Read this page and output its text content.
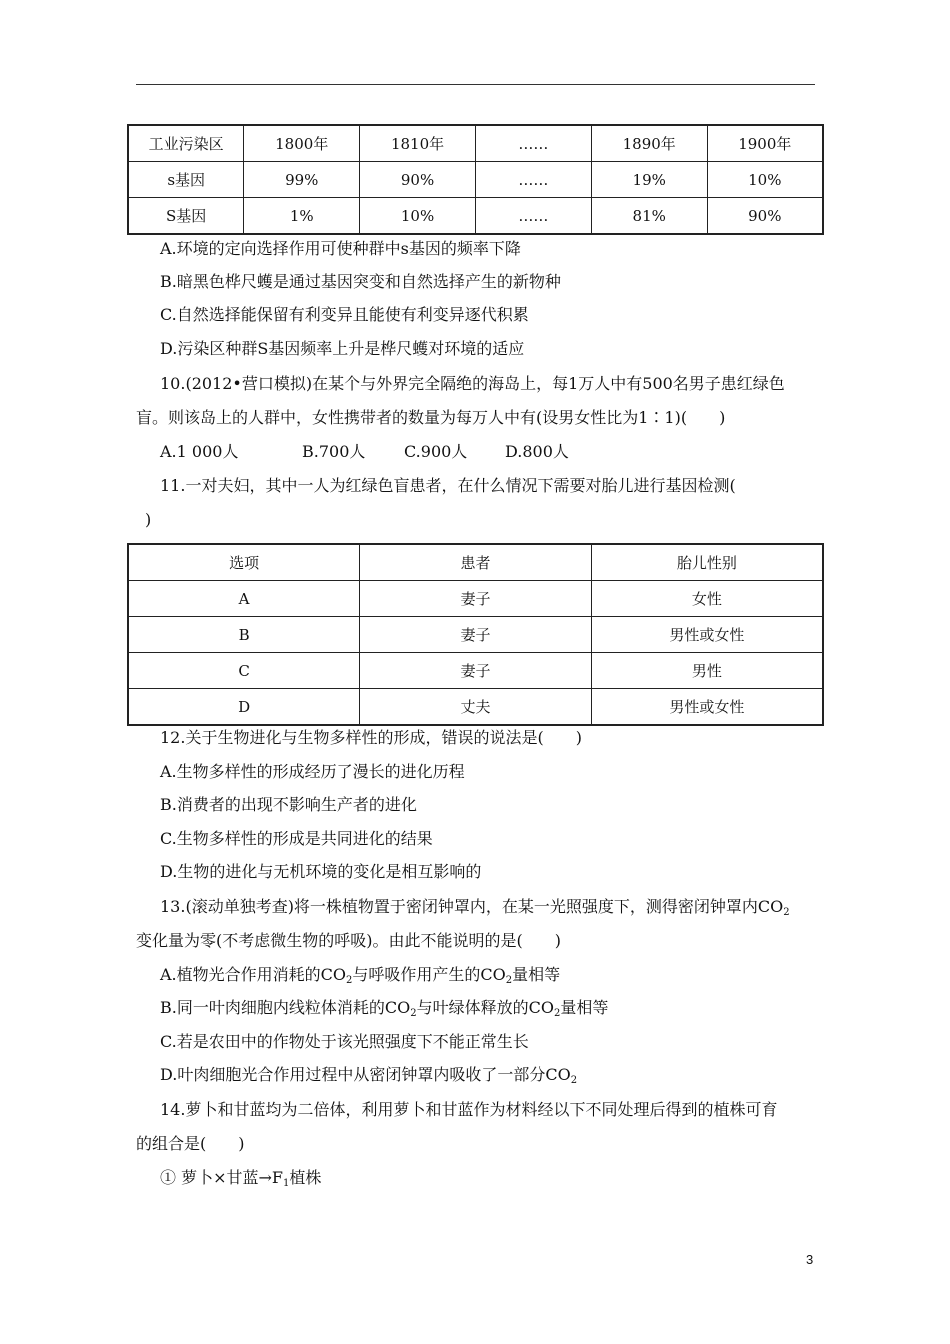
工业污染区	1800年	1810年	……	1890年	1900年
s基因	99%	90%	……	19%	10%
S基因	1%	10%	……	81%	90%
A.环境的定向选择作用可使种群中s基因的频率下降
B.暗黑色桦尺蠖是通过基因突变和自然选择产生的新物种
C.自然选择能保留有利变异且能使有利变异逐代积累
D.污染区种群S基因频率上升是桦尺蠖对环境的适应
10.(2012•营口模拟)在某个与外界完全隔绝的海岛上，每1万人中有500名男子患红绿色
盲。则该岛上的人群中，女性携带者的数量为每万人中有(设男女性比为1∶1)(　　)
A.1 000人	B.700人 C.900人 D.800人
11.一对夫妇，其中一人为红绿色盲患者，在什么情况下需要对胎儿进行基因检测(
)
选项	患者	胎儿性别
A	妻子	女性
B	妻子	男性或女性
C	妻子	男性
D	丈夫	男性或女性
12.关于生物进化与生物多样性的形成，错误的说法是(　　)
A.生物多样性的形成经历了漫长的进化历程
B.消费者的出现不影响生产者的进化
C.生物多样性的形成是共同进化的结果
D.生物的进化与无机环境的变化是相互影响的
13.(滚动单独考查)将一株植物置于密闭钟罩内，在某一光照强度下，测得密闭钟罩内$CO_2$
变化量为零(不考虑微生物的呼吸)。由此不能说明的是(　　)
A.植物光合作用消耗的$CO_2$与呼吸作用产生的$CO_2$量相等
B.同一叶肉细胞内线粒体消耗的$CO_2$与叶绿体释放的$CO_2$量相等
C.若是农田中的作物处于该光照强度下不能正常生长
D.叶肉细胞光合作用过程中从密闭钟罩内吸收了一部分$CO_2$
14.萝卜和甘蓝均为二倍体，利用萝卜和甘蓝作为材料经以下不同处理后得到的植株可育
的组合是(　　)
① 萝卜×甘蓝$\to F_1$植株
3
